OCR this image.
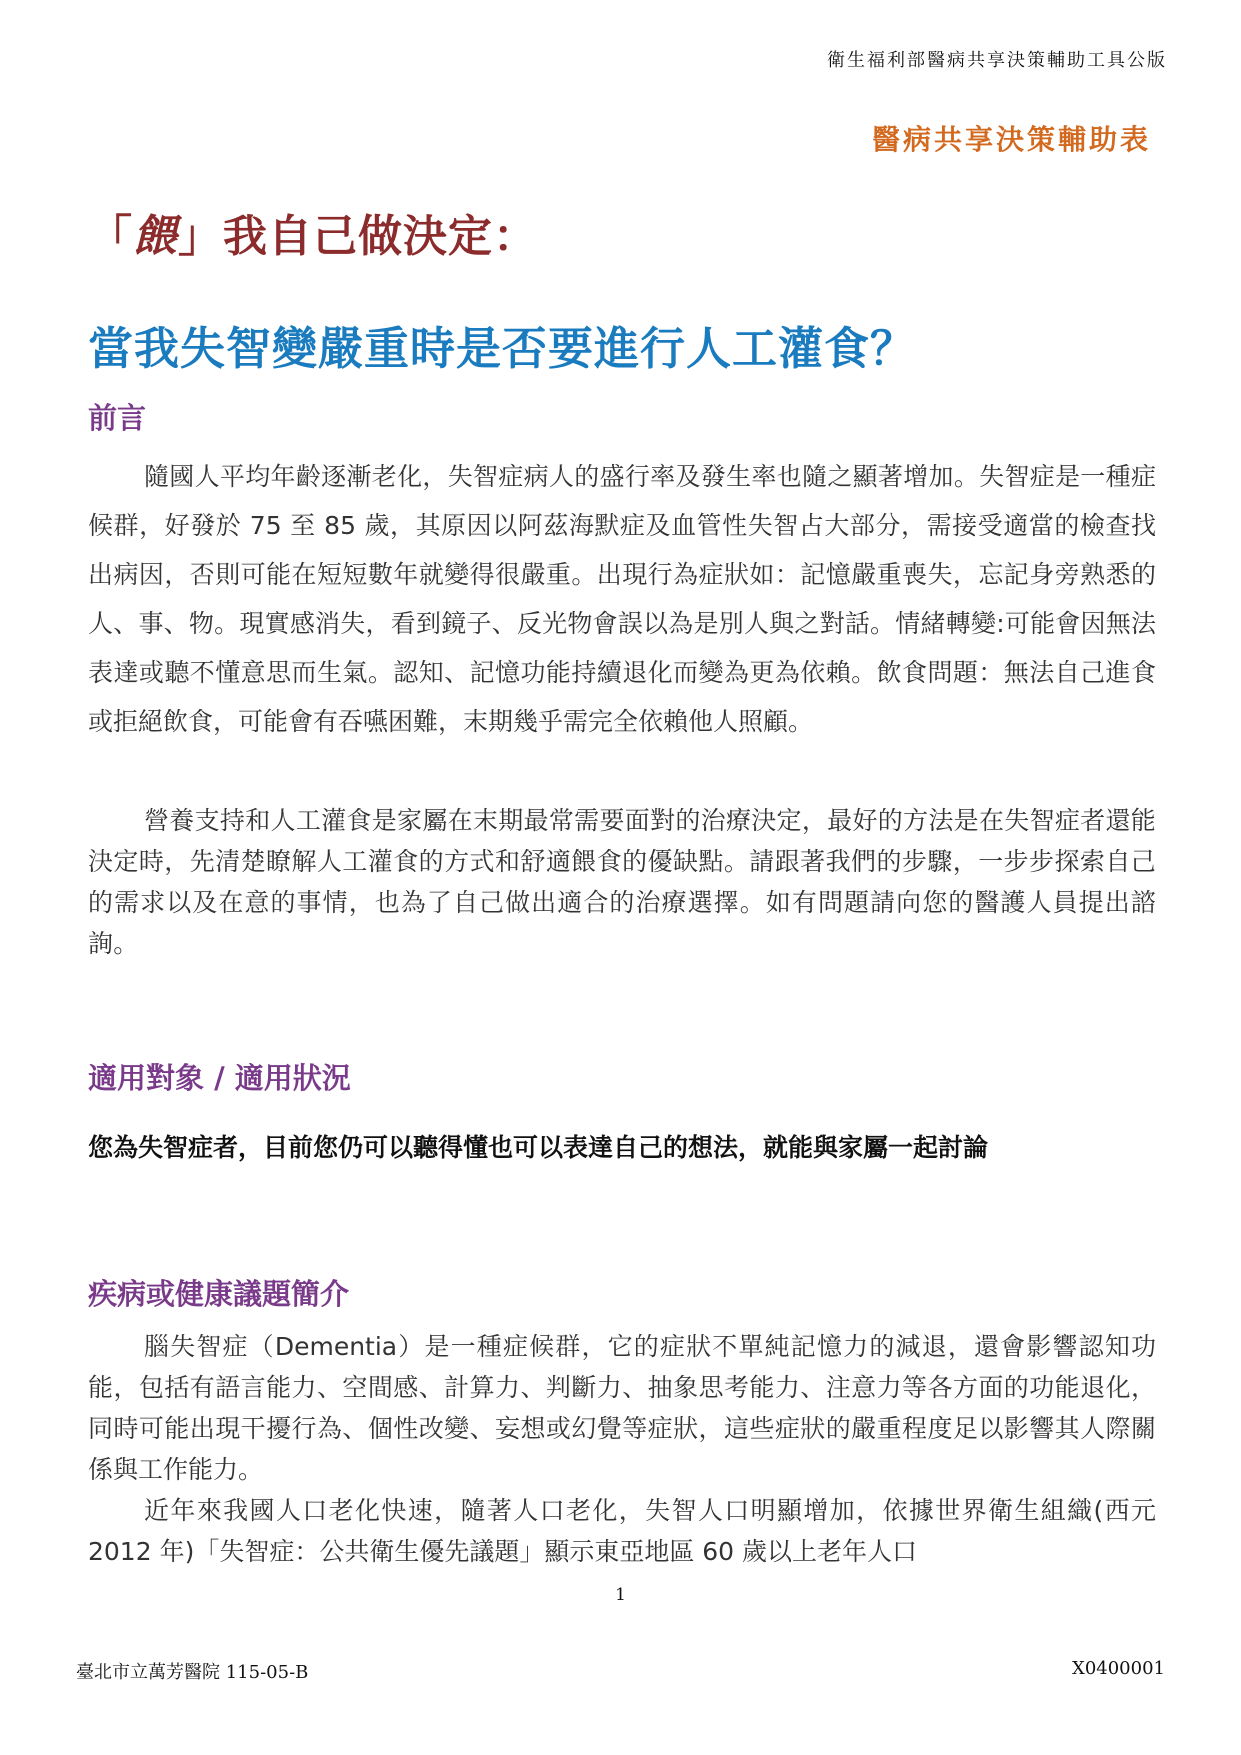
衛生福利部醫病共享決策輔助工具公版
醫病共享決策輔助表
「餵」我自己做決定：
當我失智變嚴重時是否要進行人工灌食？
前言

隨國人平均年齡逐漸老化，失智症病人的盛行率及發生率也隨之顯著增加。失智症是一種症候群，好發於 75 至 85 歲，其原因以阿茲海默症及血管性失智占大部分，需接受適當的檢查找出病因，否則可能在短短數年就變得很嚴重。出現行為症狀如：記憶嚴重喪失，忘記身旁熟悉的人、事、物。現實感消失，看到鏡子、反光物會誤以為是別人與之對話。情緒轉變:可能會因無法表達或聽不懂意思而生氣。認知、記憶功能持續退化而變為更為依賴。飲食問題：無法自己進食或拒絕飲食，可能會有吞嚥困難，末期幾乎需完全依賴他人照顧。

營養支持和人工灌食是家屬在末期最常需要面對的治療決定，最好的方法是在失智症者還能決定時，先清楚瞭解人工灌食的方式和舒適餵食的優缺點。請跟著我們的步驟，一步步探索自己的需求以及在意的事情，也為了自己做出適合的治療選擇。如有問題請向您的醫護人員提出諮詢。

適用對象 / 適用狀況
您為失智症者，目前您仍可以聽得懂也可以表達自己的想法，就能與家屬一起討論
疾病或健康議題簡介

腦失智症（Dementia）是一種症候群，它的症狀不單純記憶力的減退，還會影響認知功能，包括有語言能力、空間感、計算力、判斷力、抽象思考能力、注意力等各方面的功能退化，同時可能出現干擾行為、個性改變、妄想或幻覺等症狀，這些症狀的嚴重程度足以影響其人際關係與工作能力。

近年來我國人口老化快速，隨著人口老化，失智人口明顯增加，依據世界衛生組織(西元 2012 年)「失智症：公共衛生優先議題」顯示東亞地區 60 歲以上老年人口

1
臺北市立萬芳醫院 115-05-B	X0400001
